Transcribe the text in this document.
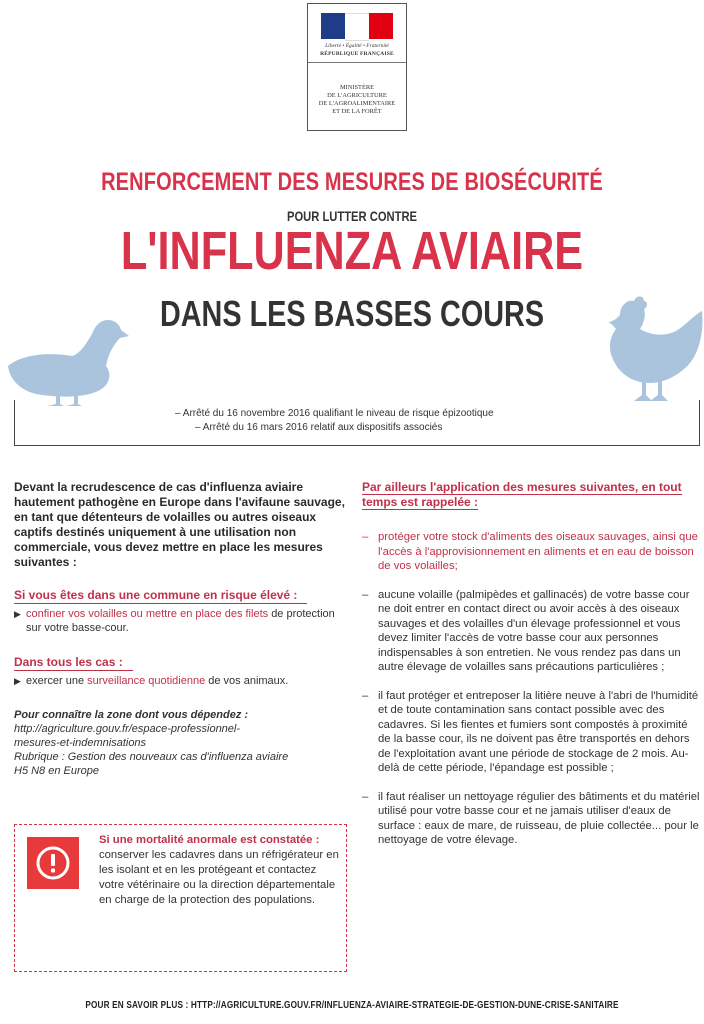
Liberté • Égalité • Fraternité
RÉPUBLIQUE FRANÇAISE
MINISTÈRE
DE L'AGRICULTURE
DE L'AGROALIMENTAIRE
ET DE LA FORÊT
RENFORCEMENT DES MESURES DE BIOSÉCURITÉ
POUR LUTTER CONTRE
L'INFLUENZA AVIAIRE
DANS LES BASSES COURS

– Arrêté du 16 novembre 2016 qualifiant le niveau de risque épizootique

– Arrêté du 16 mars 2016 relatif aux dispositifs associés

Devant la recrudescence de cas d'influenza aviaire hautement pathogène en Europe dans l'avifaune sauvage, en tant que détenteurs de volailles ou autres oiseaux captifs destinés uniquement à une utilisation non commerciale, vous devez mettre en place les mesures suivantes :

Si vous êtes dans une commune en risque élevé :

▶ confiner vos volailles ou mettre en place des filets de protection sur votre basse-cour.

Dans tous les cas :

▶ exercer une surveillance quotidienne de vos animaux.

Pour connaître la zone dont vous dépendez :
http://agriculture.gouv.fr/espace-professionnel-
mesures-et-indemnisations
Rubrique : Gestion des nouveaux cas d'influenza aviaire
H5 N8 en Europe

Si une mortalité anormale est constatée : conserver les cadavres dans un réfrigérateur en les isolant et en les protégeant et contactez votre vétérinaire ou la direction départementale en charge de la protection des populations.

Par ailleurs l'application des mesures suivantes, en tout temps est rappelée :

– protéger votre stock d'aliments des oiseaux sauvages, ainsi que l'accès à l'approvisionnement en aliments et en eau de boisson de vos volailles;

– aucune volaille (palmipèdes et gallinacés) de votre basse cour ne doit entrer en contact direct ou avoir accès à des oiseaux sauvages et des volailles d'un élevage professionnel et vous devez limiter l'accès de votre basse cour aux personnes indispensables à son entretien. Ne vous rendez pas dans un autre élevage de volailles sans précautions particulières ;

– il faut protéger et entreposer la litière neuve à l'abri de l'humidité et de toute contamination sans contact possible avec des cadavres. Si les fientes et fumiers sont compostés à proximité de la basse cour, ils ne doivent pas être transportés en dehors de l'exploitation avant une période de stockage de 2 mois. Au-delà de cette période, l'épandage est possible ;

– il faut réaliser un nettoyage régulier des bâtiments et du matériel utilisé pour votre basse cour et ne jamais utiliser d'eaux de surface : eaux de mare, de ruisseau, de pluie collectée... pour le nettoyage de votre élevage.

POUR EN SAVOIR PLUS : HTTP://AGRICULTURE.GOUV.FR/INFLUENZA-AVIAIRE-STRATEGIE-DE-GESTION-DUNE-CRISE-SANITAIRE
